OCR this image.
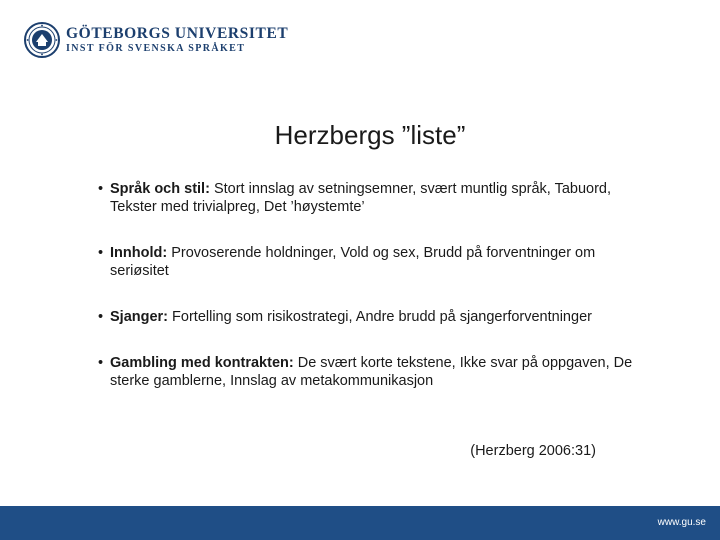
GÖTEBORGS UNIVERSITET
INST FÖR SVENSKA SPRÅKET
Herzbergs ”liste”
• Språk och stil: Stort innslag av setningsemner, svært muntlig språk, Tabuord, Tekster med trivialpreg, Det ’høystemte’
• Innhold: Provoserende holdninger, Vold og sex, Brudd på forventninger om seriøsitet
• Sjanger: Fortelling som risikostrategi, Andre brudd på sjangerforventninger
• Gambling med kontrakten: De svært korte tekstene, Ikke svar på oppgaven, De sterke gamblerne, Innslag av metakommunikasjon
(Herzberg 2006:31)
www.gu.se
